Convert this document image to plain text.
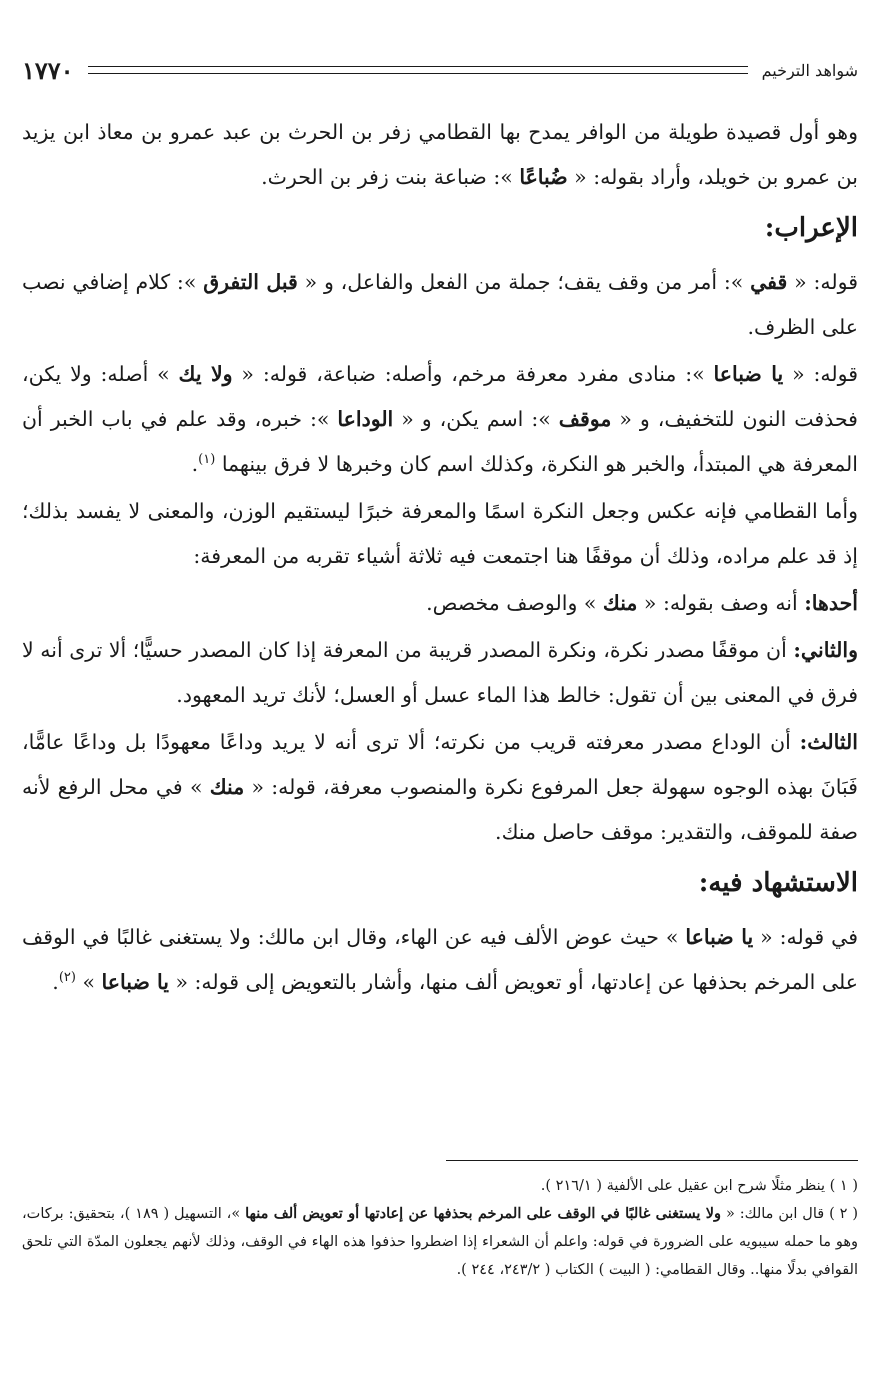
١٧٧٠	شواهد الترخيم

وهو أول قصيدة طويلة من الوافر يمدح بها القطامي زفر بن الحرث بن عبد عمرو بن معاذ ابن يزيد بن عمرو بن خويلد، وأراد بقوله: « ضُباعًا »: ضباعة بنت زفر بن الحرث.

الإعراب:

قوله: « قفي »: أمر من وقف يقف؛ جملة من الفعل والفاعل، و « قبل التفرق »: كلام إضافي نصب على الظرف.

قوله: « يا ضباعا »: منادى مفرد معرفة مرخم، وأصله: ضباعة، قوله: « ولا يك » أصله: ولا يكن، فحذفت النون للتخفيف، و « موقف »: اسم يكن، و « الوداعا »: خبره، وقد علم في باب الخبر أن المعرفة هي المبتدأ، والخبر هو النكرة، وكذلك اسم كان وخبرها لا فرق بينهما $^{(١)}$.

وأما القطامي فإنه عكس وجعل النكرة اسمًا والمعرفة خبرًا ليستقيم الوزن، والمعنى لا يفسد بذلك؛ إذ قد علم مراده، وذلك أن موقفًا هنا اجتمعت فيه ثلاثة أشياء تقربه من المعرفة:

أحدها: أنه وصف بقوله: « منك » والوصف مخصص.

والثاني: أن موقفًا مصدر نكرة، ونكرة المصدر قريبة من المعرفة إذا كان المصدر حسيًّا؛ ألا ترى أنه لا فرق في المعنى بين أن تقول: خالط هذا الماء عسل أو العسل؛ لأنك تريد المعهود.

الثالث: أن الوداع مصدر معرفته قريب من نكرته؛ ألا ترى أنه لا يريد وداعًا معهودًا بل وداعًا عامًّا، فَبَانَ بهذه الوجوه سهولة جعل المرفوع نكرة والمنصوب معرفة، قوله: « منك » في محل الرفع لأنه صفة للموقف، والتقدير: موقف حاصل منك.

الاستشهاد فيه:

في قوله: « يا ضباعا » حيث عوض الألف فيه عن الهاء، وقال ابن مالك: ولا يستغنى غالبًا في الوقف على المرخم بحذفها عن إعادتها، أو تعويض ألف منها، وأشار بالتعويض إلى قوله: « يا ضباعا » $^{(٢)}$.

( ١ ) ينظر مثلًا شرح ابن عقيل على الألفية ( ٢١٦/١ ).

( ٢ ) قال ابن مالك: « ولا يستغنى غالبًا في الوقف على المرخم بحذفها عن إعادتها أو تعويض ألف منها »، التسهيل ( ١٨٩ )، بتحقيق: بركات، وهو ما حمله سيبويه على الضرورة في قوله: واعلم أن الشعراء إذا اضطروا حذفوا هذه الهاء في الوقف، وذلك لأنهم يجعلون المدّة التي تلحق القوافي بدلًا منها.. وقال القطامي: ( البيت ) الكتاب ( ٢٤٣/٢، ٢٤٤ ).
